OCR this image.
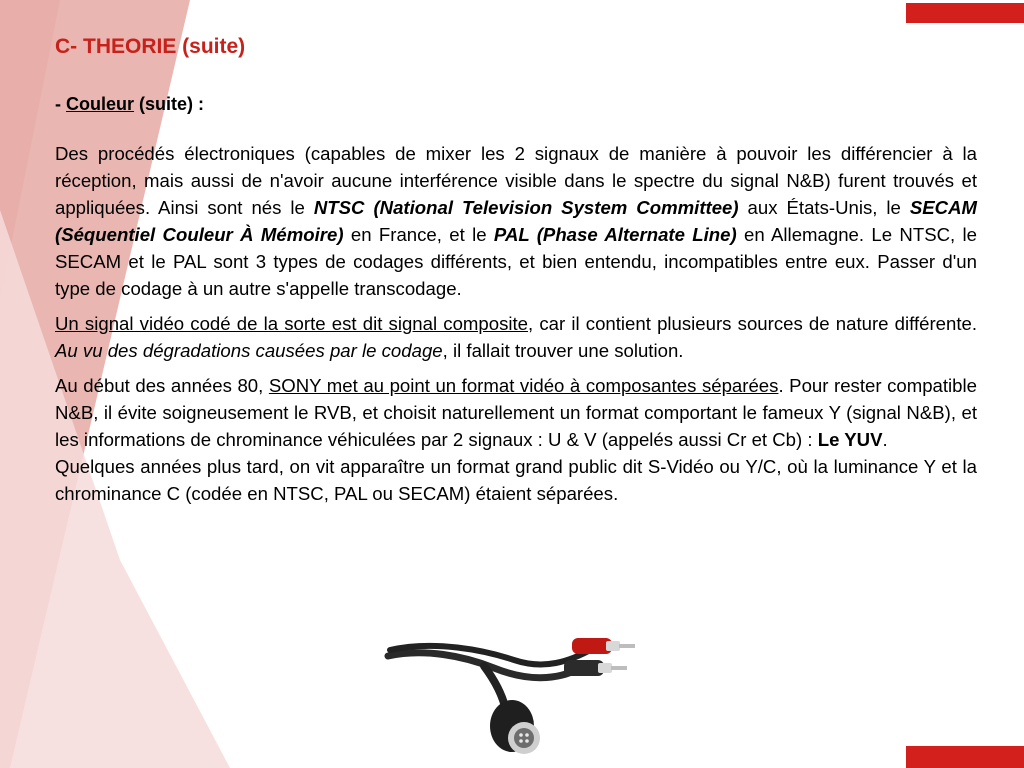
C- THEORIE (suite)
- Couleur (suite) :

Des procédés électroniques (capables de mixer les 2 signaux de manière à pouvoir les différencier à la réception, mais aussi de n'avoir aucune interférence visible dans le spectre du signal N&B) furent trouvés et appliquées. Ainsi sont nés le NTSC (National Television System Committee) aux États-Unis, le SECAM (Séquentiel Couleur À Mémoire) en France, et le PAL (Phase Alternate Line) en Allemagne. Le NTSC, le SECAM et le PAL sont 3 types de codages différents, et bien entendu, incompatibles entre eux. Passer d'un type de codage à un autre s'appelle transcodage.

Un signal vidéo codé de la sorte est dit signal composite, car il contient plusieurs sources de nature différente. Au vu des dégradations causées par le codage, il fallait trouver une solution.

Au début des années 80, SONY met au point un format vidéo à composantes séparées. Pour rester compatible N&B, il évite soigneusement le RVB, et choisit naturellement un format comportant le fameux Y (signal N&B), et les informations de chrominance véhiculées par 2 signaux : U & V (appelés aussi Cr et Cb) : Le YUV.

Quelques années plus tard, on vit apparaître un format grand public dit S-Vidéo ou Y/C, où la luminance Y et la chrominance C (codée en NTSC, PAL ou SECAM) étaient séparées.
